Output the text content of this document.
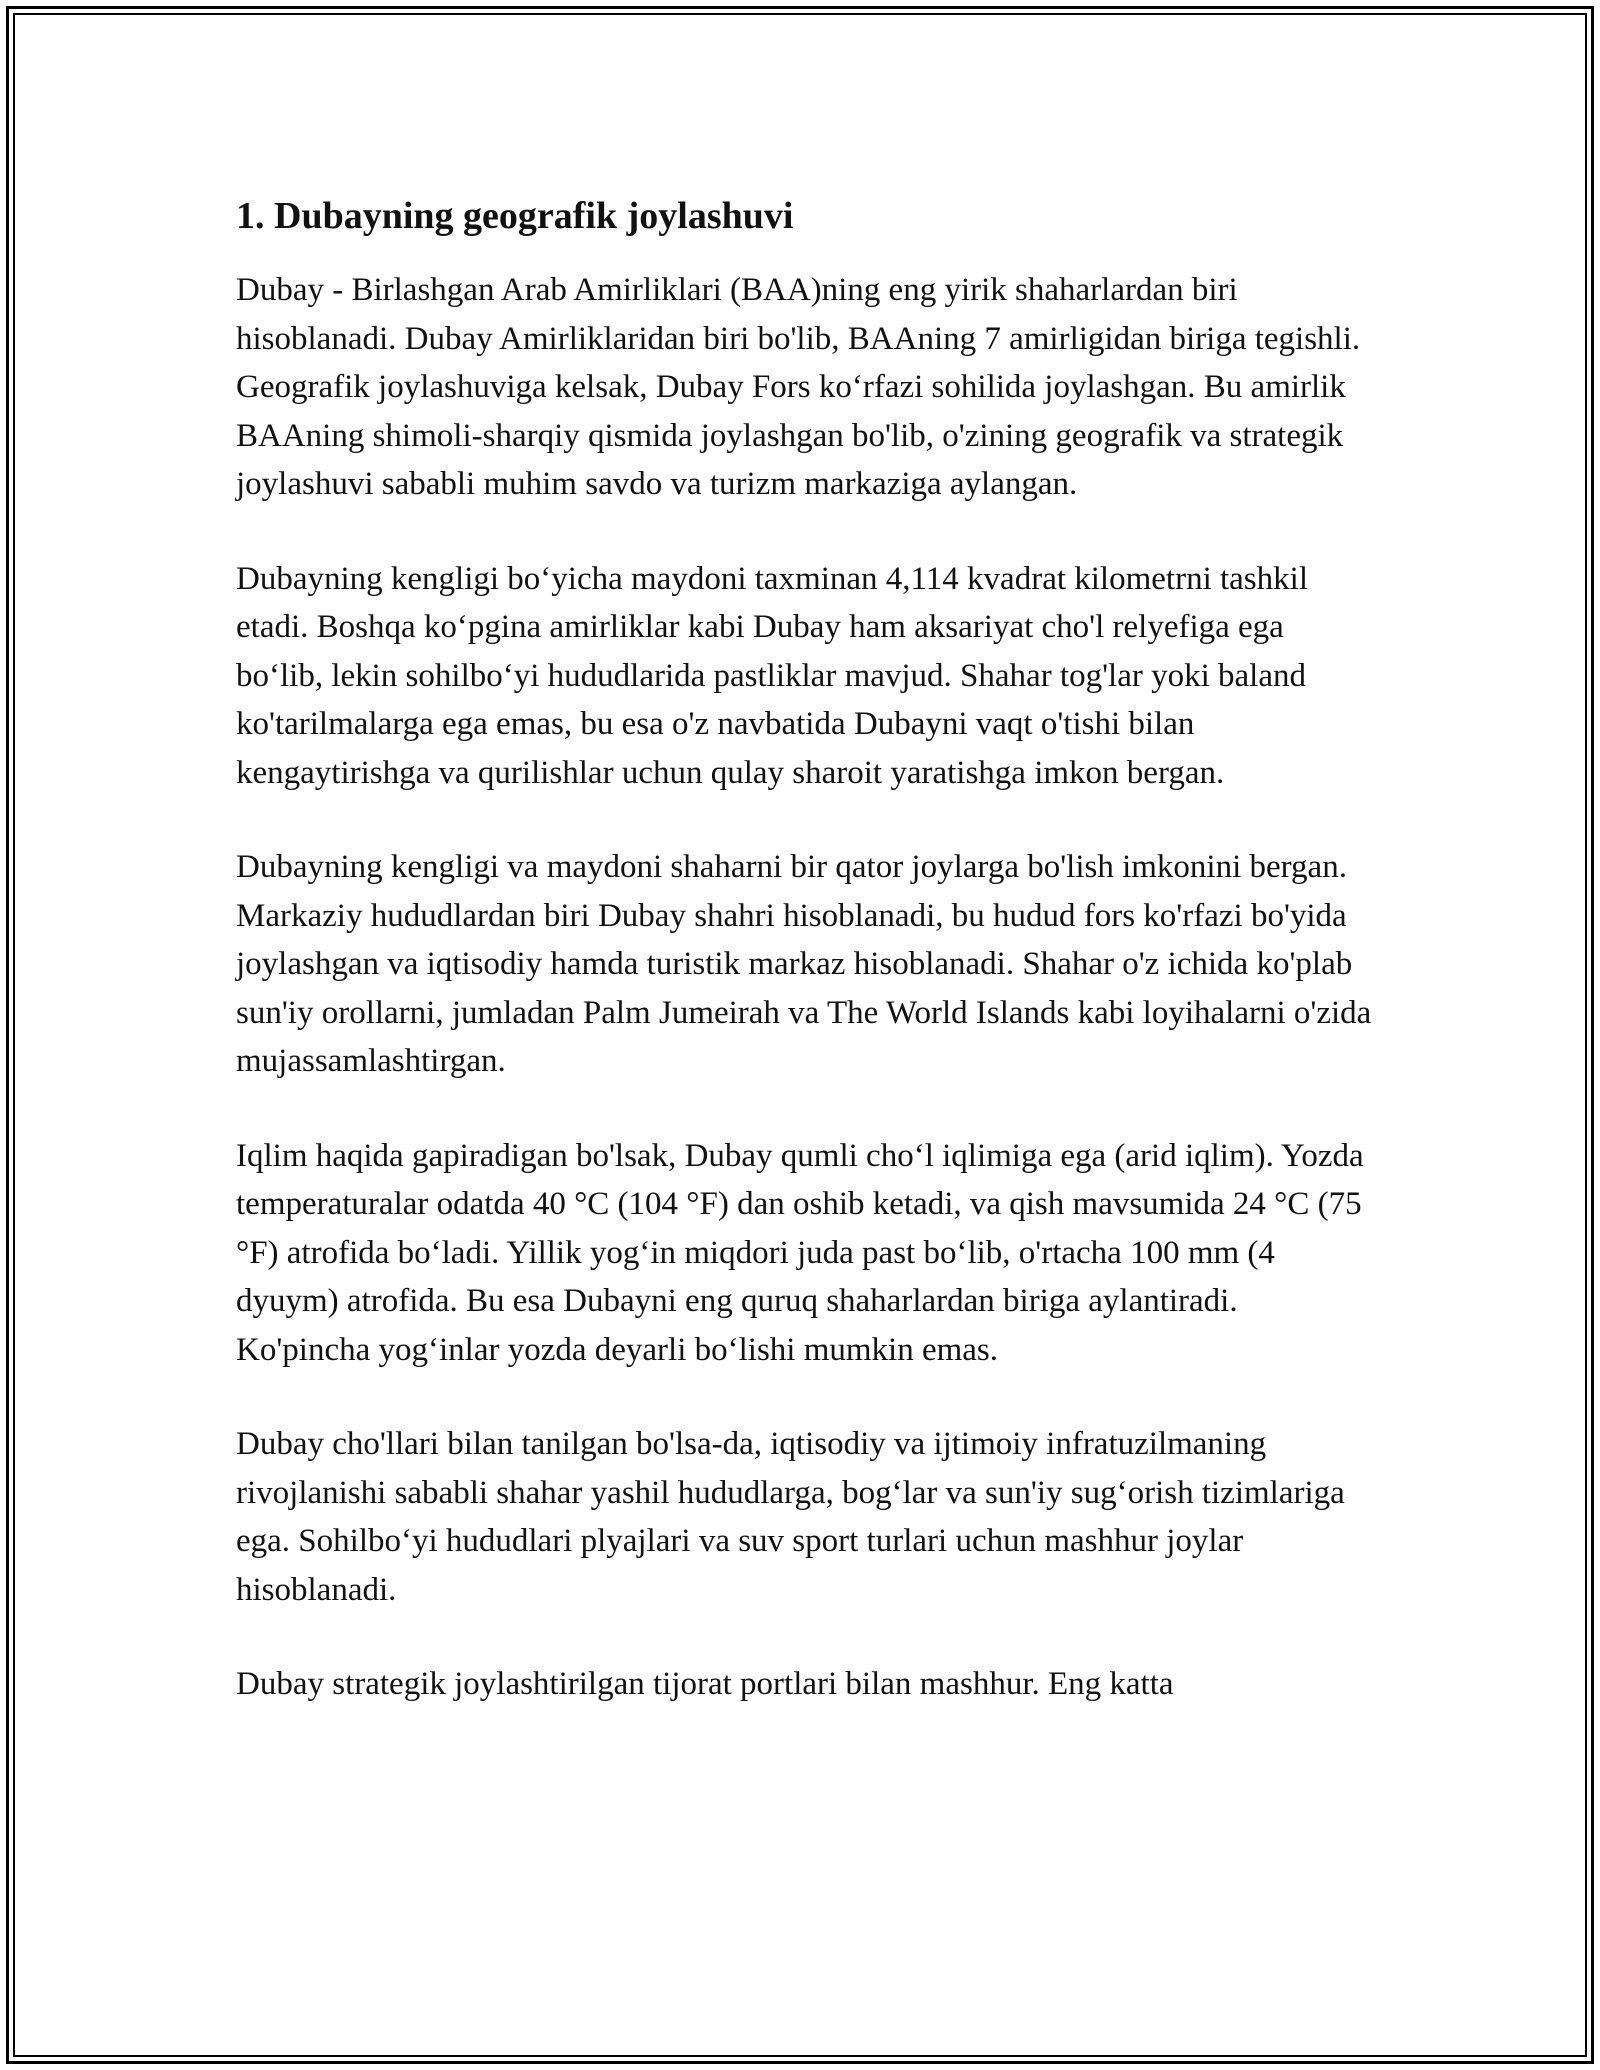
1. Dubayning geografik joylashuvi

Dubay - Birlashgan Arab Amirliklari (BAA)ning eng yirik shaharlardan biri hisoblanadi. Dubay Amirliklaridan biri bo'lib, BAAning 7 amirligidan biriga tegishli. Geografik joylashuviga kelsak, Dubay Fors ko‘rfazi sohilida joylashgan. Bu amirlik BAAning shimoli-sharqiy qismida joylashgan bo'lib, o'zining geografik va strategik joylashuvi sababli muhim savdo va turizm markaziga aylangan.

Dubayning kengligi bo‘yicha maydoni taxminan 4,114 kvadrat kilometrni tashkil etadi. Boshqa ko‘pgina amirliklar kabi Dubay ham aksariyat cho'l relyefiga ega bo‘lib, lekin sohilbo‘yi hududlarida pastliklar mavjud. Shahar tog'lar yoki baland ko'tarilmalarga ega emas, bu esa o'z navbatida Dubayni vaqt o'tishi bilan kengaytirishga va qurilishlar uchun qulay sharoit yaratishga imkon bergan.

Dubayning kengligi va maydoni shaharni bir qator joylarga bo'lish imkonini bergan. Markaziy hududlardan biri Dubay shahri hisoblanadi, bu hudud fors ko'rfazi bo'yida joylashgan va iqtisodiy hamda turistik markaz hisoblanadi. Shahar o'z ichida ko'plab sun'iy orollarni, jumladan Palm Jumeirah va The World Islands kabi loyihalarni o'zida mujassamlashtirgan.

Iqlim haqida gapiradigan bo'lsak, Dubay qumli cho‘l iqlimiga ega (arid iqlim). Yozda temperaturalar odatda 40 °C (104 °F) dan oshib ketadi, va qish mavsumida 24 °C (75 °F) atrofida bo‘ladi. Yillik yog‘in miqdori juda past bo‘lib, o'rtacha 100 mm (4 dyuym) atrofida. Bu esa Dubayni eng quruq shaharlardan biriga aylantiradi. Ko'pincha yog‘inlar yozda deyarli bo‘lishi mumkin emas.

Dubay cho'llari bilan tanilgan bo'lsa-da, iqtisodiy va ijtimoiy infratuzilmaning rivojlanishi sababli shahar yashil hududlarga, bog‘lar va sun'iy sug‘orish tizimlariga ega. Sohilbo‘yi hududlari plyajlari va suv sport turlari uchun mashhur joylar hisoblanadi.

Dubay strategik joylashtirilgan tijorat portlari bilan mashhur. Eng katta
